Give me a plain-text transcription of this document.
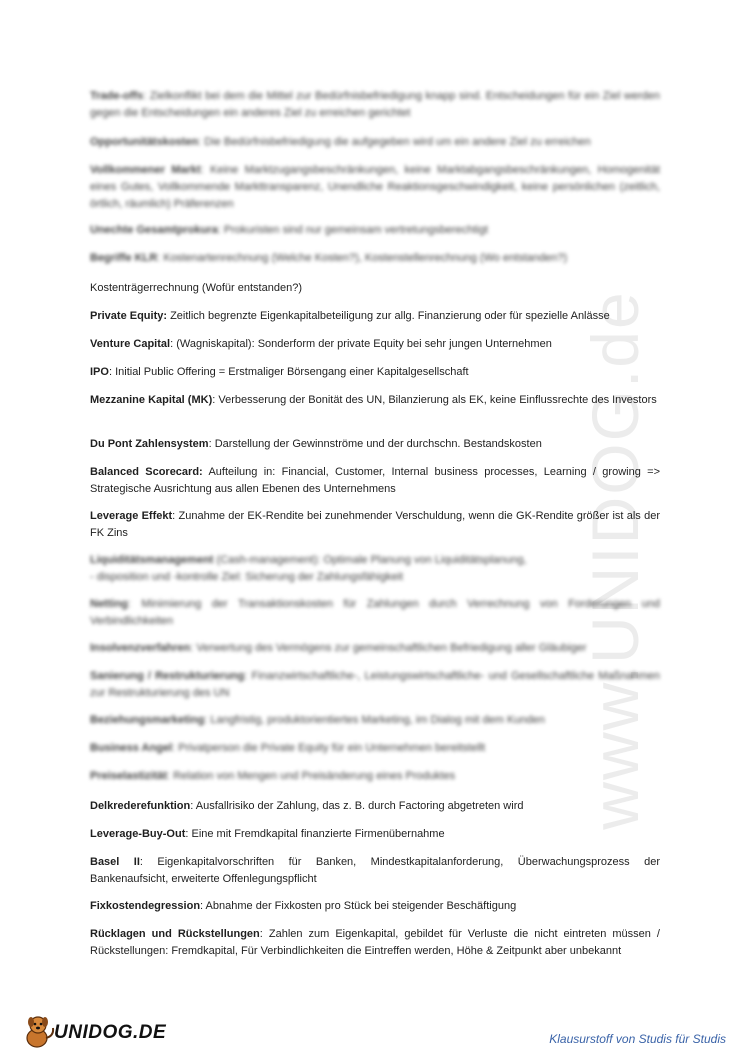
www.UNIDOG.de
Trade-offs: Zielkonflikt bei dem die Mittel zur Bedürfnisbefriedigung knapp sind. Entscheidungen für ein Ziel werden gegen die Entscheidungen ein anderes Ziel zu erreichen gerichtet
Opportunitätskosten: Die Bedürfnisbefriedigung die aufgegeben wird um ein andere Ziel zu erreichen
Vollkommener Markt: Keine Marktzugangsbeschränkungen, keine Marktabgangsbeschränkungen, Homogenität eines Gutes, Vollkommende Markttransparenz, Unendliche Reaktionsgeschwindigkeit, keine persönlichen (zeitlich, örtlich, räumlich) Präferenzen
Unechte Gesamtprokura: Prokuristen sind nur gemeinsam vertretungsberechtigt
Begriffe KLR: Kostenartenrechnung (Welche Kosten?), Kostenstellenrechnung (Wo entstanden?)
Kostenträgerrechnung (Wofür entstanden?)
Private Equity: Zeitlich begrenzte Eigenkapitalbeteiligung zur allg. Finanzierung oder für spezielle Anlässe
Venture Capital: (Wagniskapital): Sonderform der private Equity bei sehr jungen Unternehmen
IPO: Initial Public Offering = Erstmaliger Börsengang einer Kapitalgesellschaft
Mezzanine Kapital (MK): Verbesserung der Bonität des UN, Bilanzierung als EK, keine Einflussrechte des Investors
Du Pont Zahlensystem: Darstellung der Gewinnströme und der durchschn. Bestandskosten
Balanced Scorecard: Aufteilung in: Financial, Customer, Internal business processes, Learning / growing => Strategische Ausrichtung aus allen Ebenen des Unternehmens
Leverage Effekt: Zunahme der EK-Rendite bei zunehmender Verschuldung, wenn die GK-Rendite größer ist als der FK Zins
Liquiditätsmanagement (Cash-management): Optimale Planung von Liquiditätsplanung,
- disposition und -kontrolle Ziel: Sicherung der Zahlungsfähigkeit
Netting: Minimierung der Transaktionskosten für Zahlungen durch Verrechnung von Forderungen und Verbindlichkeiten
Insolvenzverfahren: Verwertung des Vermögens zur gemeinschaftlichen Befriedigung aller Gläubiger
Sanierung / Restrukturierung: Finanzwirtschaftliche-, Leistungswirtschaftliche- und Gesellschaftliche Maßnahmen zur Restrukturierung des UN
Beziehungsmarketing: Langfristig, produktorientiertes Marketing, im Dialog mit dem Kunden
Business Angel: Privatperson die Private Equity für ein Unternehmen bereitstellt
Preiselastizität: Relation von Mengen und Preisänderung eines Produktes
Delkrederefunktion: Ausfallrisiko der Zahlung, das z. B. durch Factoring abgetreten wird
Leverage-Buy-Out: Eine mit Fremdkapital finanzierte Firmenübernahme
Basel II: Eigenkapitalvorschriften für Banken, Mindestkapitalanforderung, Überwachungsprozess der Bankenaufsicht, erweiterte Offenlegungspflicht
Fixkostendegression: Abnahme der Fixkosten pro Stück bei steigender Beschäftigung
Rücklagen und Rückstellungen: Zahlen zum Eigenkapital, gebildet für Verluste die nicht eintreten müssen / Rückstellungen: Fremdkapital, Für Verbindlichkeiten die Eintreffen werden, Höhe & Zeitpunkt aber unbekannt
UNIDOG.DE	Klausurstoff von Studis für Studis
